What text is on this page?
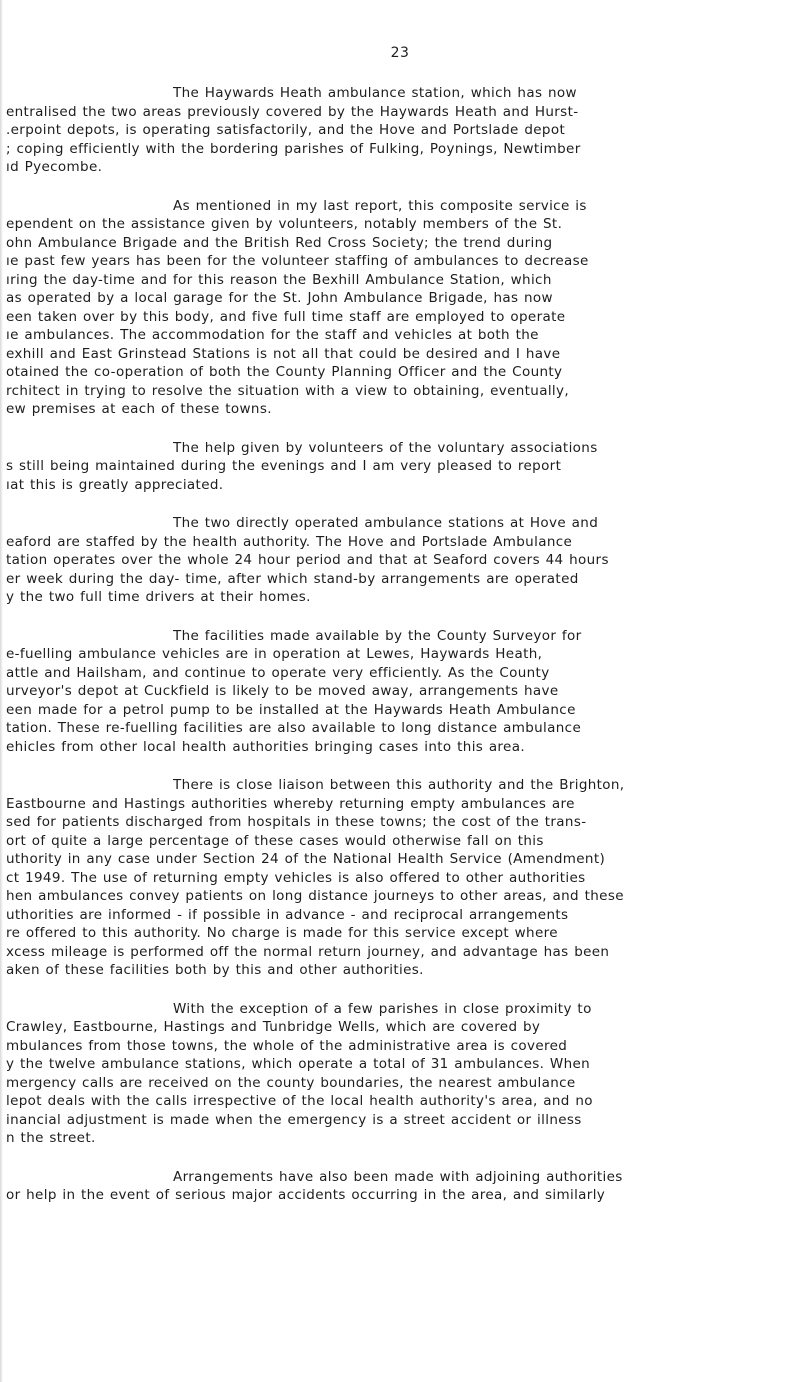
23
The Haywards Heath ambulance station, which has now
entralised the two areas previously covered by the Haywards Heath and Hurst-
.erpoint depots, is operating satisfactorily, and the Hove and Portslade depot
; coping efficiently with the bordering parishes of Fulking, Poynings, Newtimber
ıd Pyecombe.
As mentioned in my last report, this composite service is
ependent on the assistance given by volunteers, notably members of the St.
ohn Ambulance Brigade and the British Red Cross Society; the trend during
ıe past few years has been for the volunteer staffing of ambulances to decrease
ıring the day-time and for this reason the Bexhill Ambulance Station, which
as operated by a local garage for the St. John Ambulance Brigade, has now
een taken over by this body, and five full time staff are employed to operate
ıe ambulances. The accommodation for the staff and vehicles at both the
exhill and East Grinstead Stations is not all that could be desired and I have
otained the co-operation of both the County Planning Officer and the County
rchitect in trying to resolve the situation with a view to obtaining, eventually,
ew premises at each of these towns.
The help given by volunteers of the voluntary associations
s still being maintained during the evenings and I am very pleased to report
ıat this is greatly appreciated.
The two directly operated ambulance stations at Hove and
eaford are staffed by the health authority. The Hove and Portslade Ambulance
tation operates over the whole 24 hour period and that at Seaford covers 44 hours
er week during the day- time, after which stand-by arrangements are operated
y the two full time drivers at their homes.
The facilities made available by the County Surveyor for
e-fuelling ambulance vehicles are in operation at Lewes, Haywards Heath,
attle and Hailsham, and continue to operate very efficiently. As the County
urveyor's depot at Cuckfield is likely to be moved away, arrangements have
een made for a petrol pump to be installed at the Haywards Heath Ambulance
tation. These re-fuelling facilities are also available to long distance ambulance
ehicles from other local health authorities bringing cases into this area.
There is close liaison between this authority and the Brighton,
Eastbourne and Hastings authorities whereby returning empty ambulances are
sed for patients discharged from hospitals in these towns; the cost of the trans-
ort of quite a large percentage of these cases would otherwise fall on this
uthority in any case under Section 24 of the National Health Service (Amendment)
ct 1949. The use of returning empty vehicles is also offered to other authorities
hen ambulances convey patients on long distance journeys to other areas, and these
uthorities are informed - if possible in advance - and reciprocal arrangements
re offered to this authority. No charge is made for this service except where
xcess mileage is performed off the normal return journey, and advantage has been
aken of these facilities both by this and other authorities.
With the exception of a few parishes in close proximity to
Crawley, Eastbourne, Hastings and Tunbridge Wells, which are covered by
mbulances from those towns, the whole of the administrative area is covered
y the twelve ambulance stations, which operate a total of 31 ambulances. When
mergency calls are received on the county boundaries, the nearest ambulance
lepot deals with the calls irrespective of the local health authority's area, and no
inancial adjustment is made when the emergency is a street accident or illness
n the street.
Arrangements have also been made with adjoining authorities
or help in the event of serious major accidents occurring in the area, and similarly
